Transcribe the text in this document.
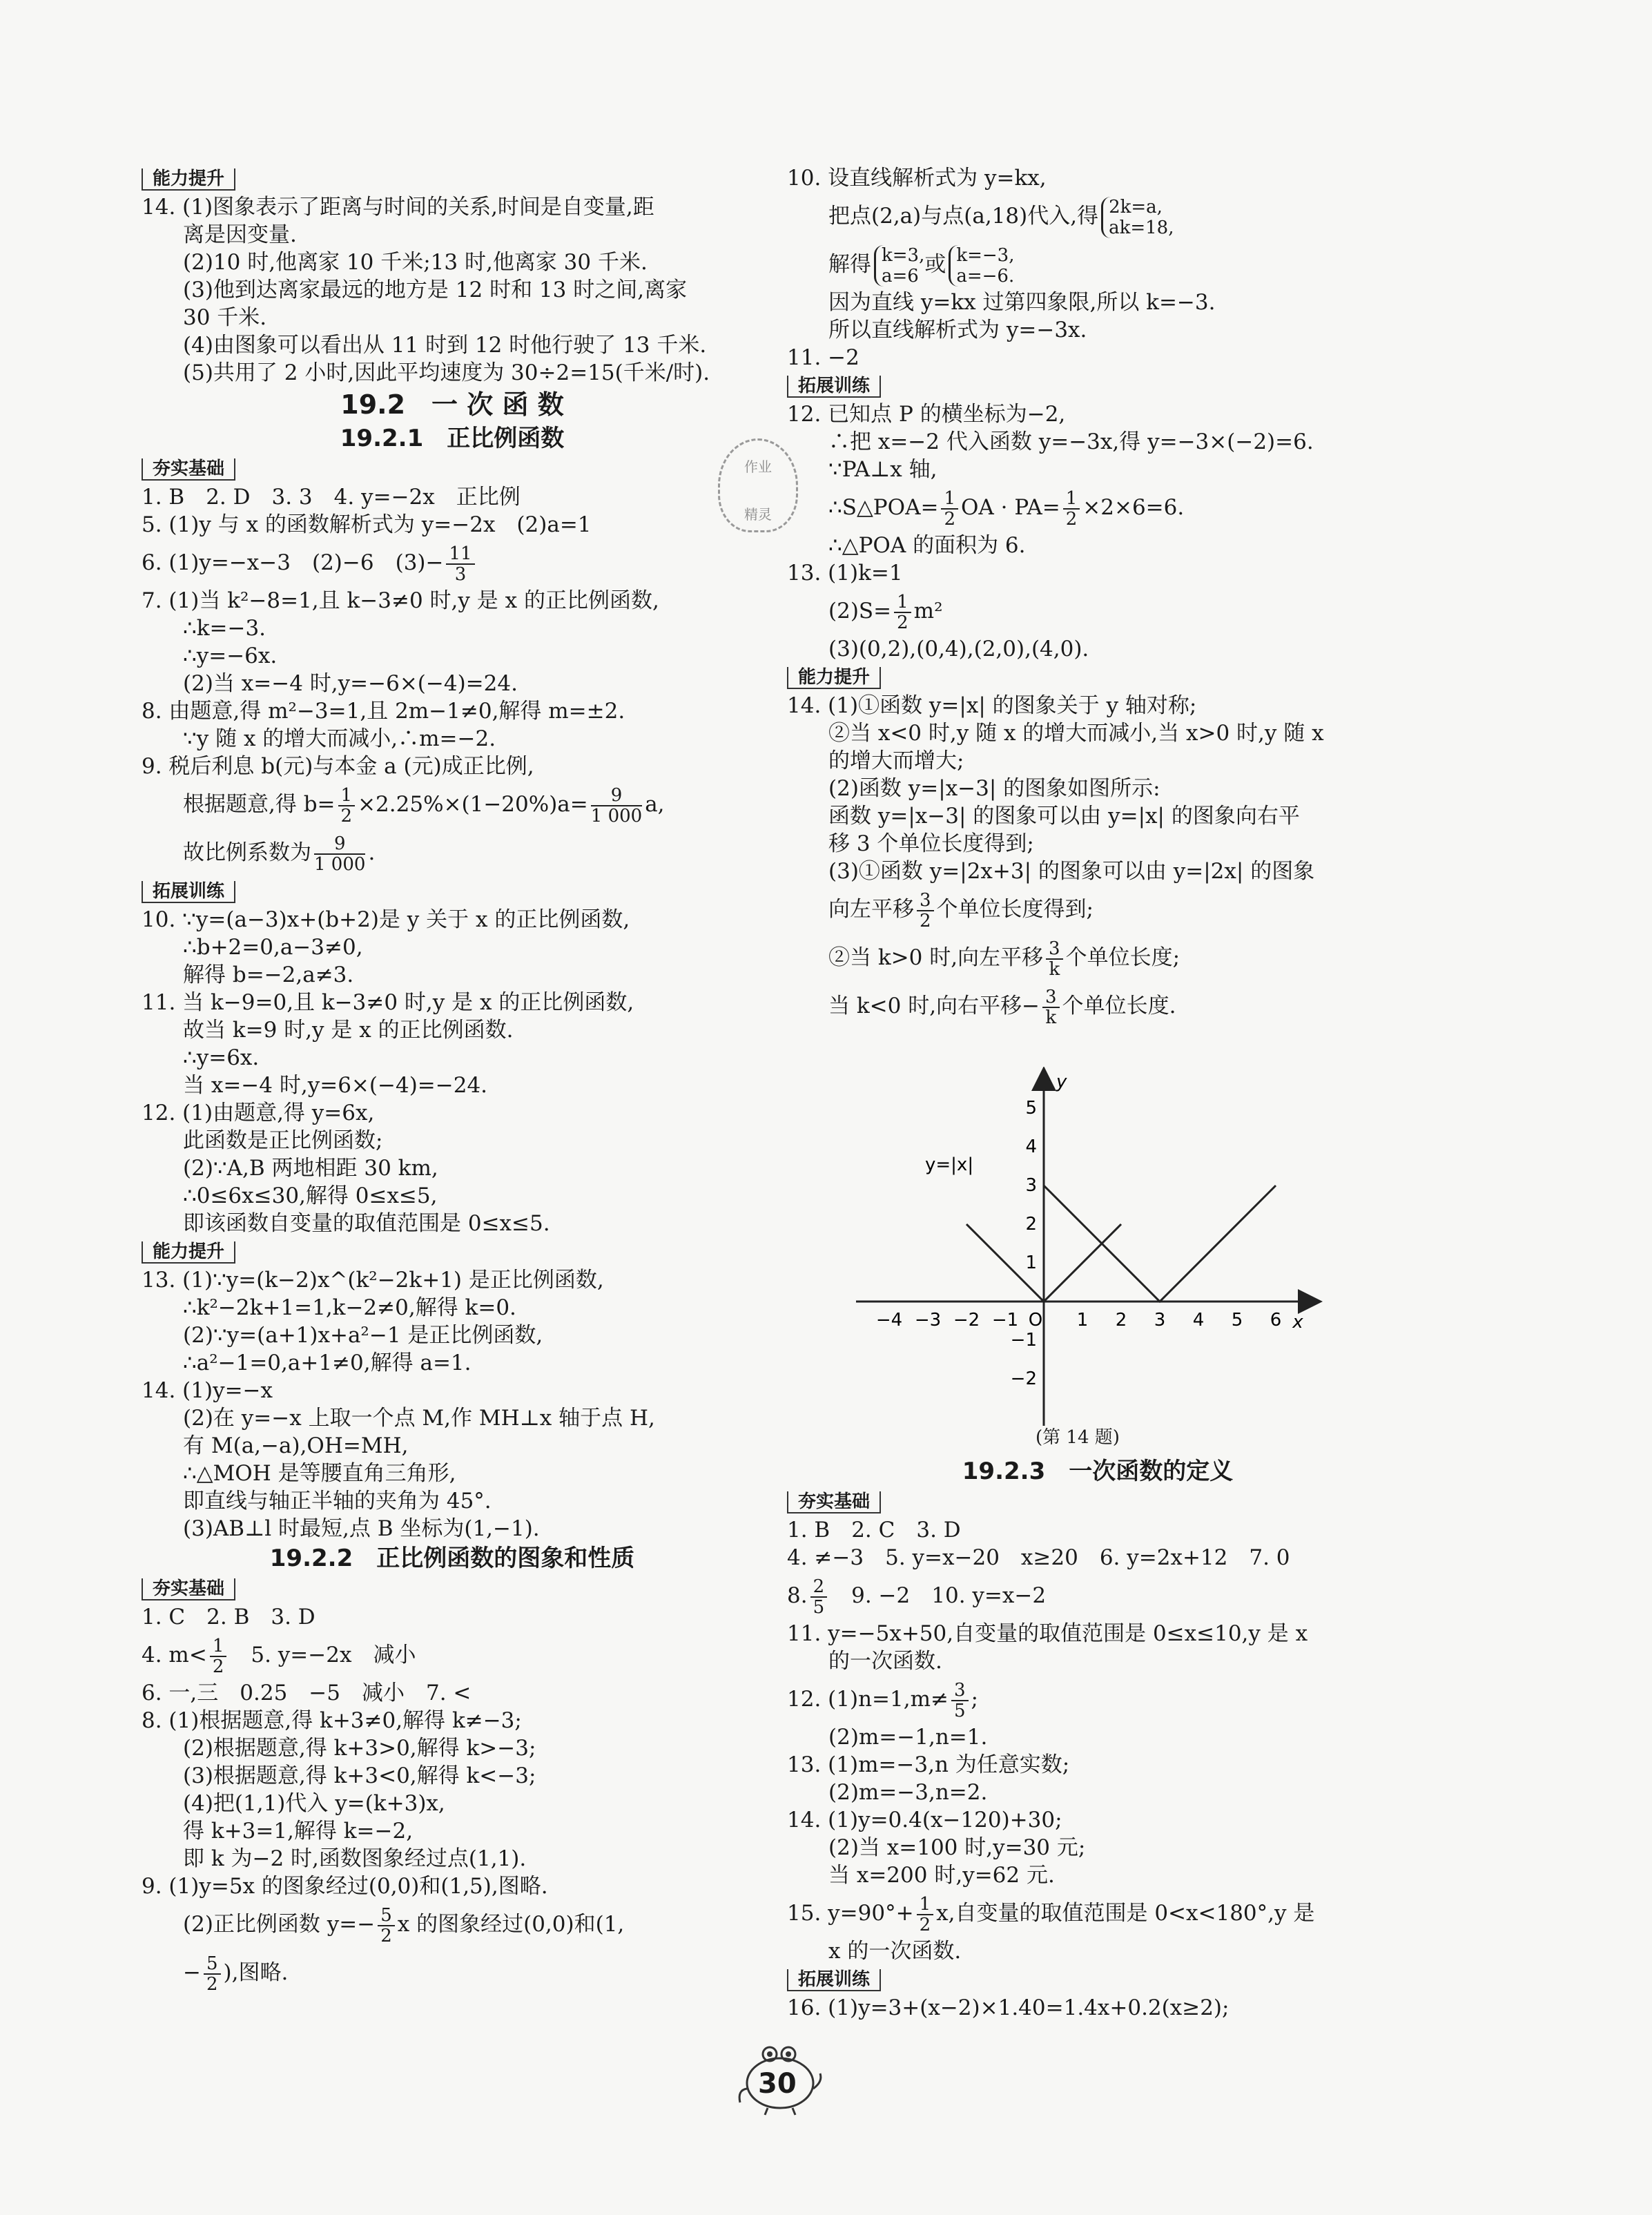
能力提升
14. (1)图象表示了距离与时间的关系,时间是自变量,距
离是因变量.
(2)10 时,他离家 10 千米;13 时,他离家 30 千米.
(3)他到达离家最远的地方是 12 时和 13 时之间,离家
30 千米.
(4)由图象可以看出从 11 时到 12 时他行驶了 13 千米.
(5)共用了 2 小时,因此平均速度为 30÷2=15(千米/时).
19.2　一 次 函 数
19.2.1　正比例函数
夯实基础
1. B　2. D　3. 3　4. y=−2x　正比例
5. (1)y 与 x 的函数解析式为 y=−2x　(2)a=1
6. (1)y=−x−3　(2)−6　$(3)- \frac{11}{3}$
7. (1)当 k²−8=1,且 k−3≠0 时,y 是 x 的正比例函数,
∴k=−3.
∴y=−6x.
(2)当 x=−4 时,y=−6×(−4)=24.
8. 由题意,得 m²−3=1,且 2m−1≠0,解得 m=±2.
∵y 随 x 的增大而减小,∴m=−2.
9. 税后利息 b(元)与本金 a (元)成正比例,
根据题意,得 $b= \frac{1}{2} \times 2.25\%\times(1-20\%)a= \frac{9}{1 000} a$,
故比例系数为 $\frac{9}{1 000}$ .
拓展训练
10. ∵y=(a−3)x+(b+2)是 y 关于 x 的正比例函数,
∴b+2=0,a−3≠0,
解得 b=−2,a≠3.
11. 当 k−9=0,且 k−3≠0 时,y 是 x 的正比例函数,
故当 k=9 时,y 是 x 的正比例函数.
∴y=6x.
当 x=−4 时,y=6×(−4)=−24.
12. (1)由题意,得 y=6x,
此函数是正比例函数;
(2)∵A,B 两地相距 30 km,
∴0≤6x≤30,解得 0≤x≤5,
即该函数自变量的取值范围是 0≤x≤5.
能力提升
13. (1)∵y=(k−2)x^(k²−2k+1) 是正比例函数,
∴k²−2k+1=1,k−2≠0,解得 k=0.
(2)∵y=(a+1)x+a²−1 是正比例函数,
∴a²−1=0,a+1≠0,解得 a=1.
14. (1)y=−x
(2)在 y=−x 上取一个点 M,作 MH⊥x 轴于点 H,
有 M(a,−a),OH=MH,
∴△MOH 是等腰直角三角形,
即直线与轴正半轴的夹角为 45°.
(3)AB⊥l 时最短,点 B 坐标为(1,−1).
19.2.2　正比例函数的图象和性质
夯实基础
1. C　2. B　3. D
4. $m< \frac{1}{2}$ 　5. y=−2x　减小
6. 一,三　0.25　−5　减小　7. <
8. (1)根据题意,得 k+3≠0,解得 k≠−3;
(2)根据题意,得 k+3>0,解得 k>−3;
(3)根据题意,得 k+3<0,解得 k<−3;
(4)把(1,1)代入 y=(k+3)x,
得 k+3=1,解得 k=−2,
即 k 为−2 时,函数图象经过点(1,1).
9. (1)y=5x 的图象经过(0,0)和(1,5),图略.
(2)正比例函数 $y=- \frac{5}{2}$ x 的图象经过(0,0)和(1,
− $\frac{5}{2}$ ),图略.
作业
精灵
10. 设直线解析式为 y=kx,
把点(2,a)与点(a,18)代入,得 2k=a,
ak=18,
解得 k=3,
a=6 或 k=−3,
a=−6.
因为直线 y=kx 过第四象限,所以 k=−3.
所以直线解析式为 y=−3x.
11. −2
拓展训练
12. 已知点 P 的横坐标为−2,
∴把 x=−2 代入函数 y=−3x,得 y=−3×(−2)=6.
∵PA⊥x 轴,
∴S△POA= $\frac{1}{2}$ OA · $PA= \frac{1}{2} \times 2\times 6=6$.
∴△POA 的面积为 6.
13. (1)k=1
$(2)S= \frac{1}{2} m^2$
(3)(0,2),(0,4),(2,0),(4,0).
能力提升
14. (1)①函数 y=|x| 的图象关于 y 轴对称;
②当 x<0 时,y 随 x 的增大而减小,当 x>0 时,y 随 x
的增大而增大;
(2)函数 y=|x−3| 的图象如图所示:
函数 y=|x−3| 的图象可以由 y=|x| 的图象向右平
移 3 个单位长度得到;
(3)①函数 y=|2x+3| 的图象可以由 y=|2x| 的图象
向左平移 $\frac{3}{2}$ 个单位长度得到;
②当 k>0 时,向左平移 $\frac{3}{k}$ 个单位长度;
当 k<0 时,向右平移− $\frac{3}{k}$ 个单位长度.
−4 −3 −2 −1 O 1 2 3 4 5 6 x
5
4
3
2
1
−1
−2
y
y=|x|
(第 14 题)
19.2.3　一次函数的定义
夯实基础
1. B　2. C　3. D
4. ≠−3　5. y=x−20　x≥20　6. y=2x+12　7. 0
8. $\frac{2}{5}$ 　9. −2　10. y=x−2
11. y=−5x+50,自变量的取值范围是 0≤x≤10,y 是 x
的一次函数.
12. $(1)n=1,m\ne \frac{3}{5}$ ;
(2)m=−1,n=1.
13. (1)m=−3,n 为任意实数;
(2)m=−3,n=2.
14. (1)y=0.4(x−120)+30;
(2)当 x=100 时,y=30 元;
当 x=200 时,y=62 元.
15. $y=90^\circ+ \frac{1}{2} x$,自变量的取值范围是 0<x<180°,y 是
x 的一次函数.
拓展训练
16. (1)y=3+(x−2)×1.40=1.4x+0.2(x≥2);
30
